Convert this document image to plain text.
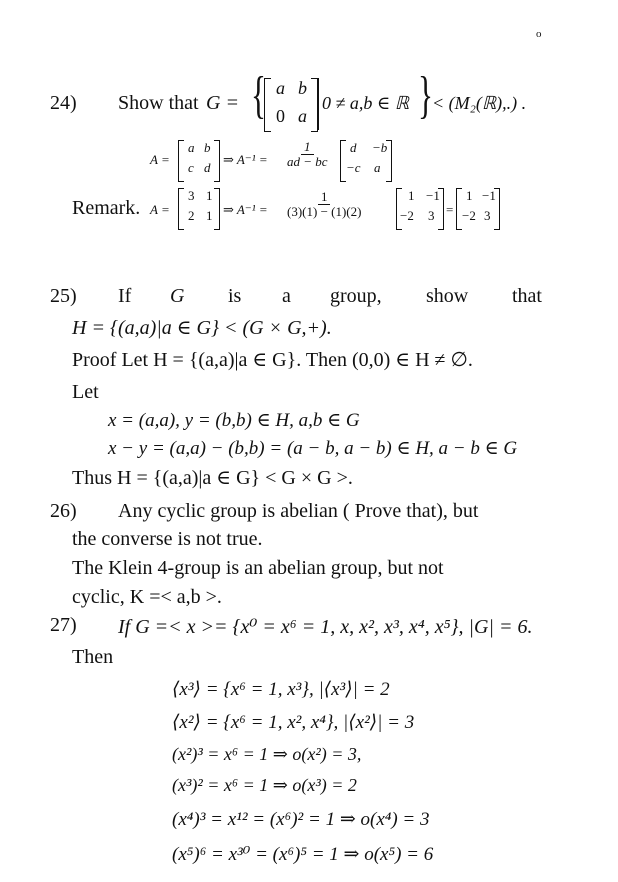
o
24) Show that G = { a b
0 a
0 ≠ a,b ∈ ℝ } < (M₂(ℝ),.) .
A =
a b
c d
⇒ $A^{-1} = \frac{1}{ad - bc}$ d −b
−c a
Remark. A =
3 1
2 1 ⇒ $A^{-1} = \frac{1}{(3)(1) - (1)(2)}$	1 −1
−2 3 =
1 −1
−2 3
25) If G is a group, show that
H = {(a,a)|a ∈ G} < (G × G,+).
Proof Let H = {(a,a)|a ∈ G}. Then (0,0) ∈ H ≠ ∅.
Let
x = (a,a), y = (b,b) ∈ H, a,b ∈ G
x − y = (a,a) − (b,b) = (a − b, a − b) ∈ H, a − b ∈ G
Thus H = {(a,a)|a ∈ G} < G × G >.
26) Any cyclic group is abelian ( Prove that), but
the converse is not true.
The Klein 4-group is an abelian group, but not
cyclic, K =< a,b >.
27) If G =< x >= {x⁰ = x⁶ = 1, x, x², x³, x⁴, x⁵}, |G| = 6.
Then
⟨x³⟩ = {x⁶ = 1, x³}, |⟨x³⟩| = 2
⟨x²⟩ = {x⁶ = 1, x², x⁴}, |⟨x²⟩| = 3
(x²)³ = x⁶ = 1 ⇒ o(x²) = 3,
(x³)² = x⁶ = 1 ⇒ o(x³) = 2
(x⁴)³ = x¹² = (x⁶)² = 1 ⇒ o(x⁴) = 3
(x⁵)⁶ = x³⁰ = (x⁶)⁵ = 1 ⇒ o(x⁵) = 6
